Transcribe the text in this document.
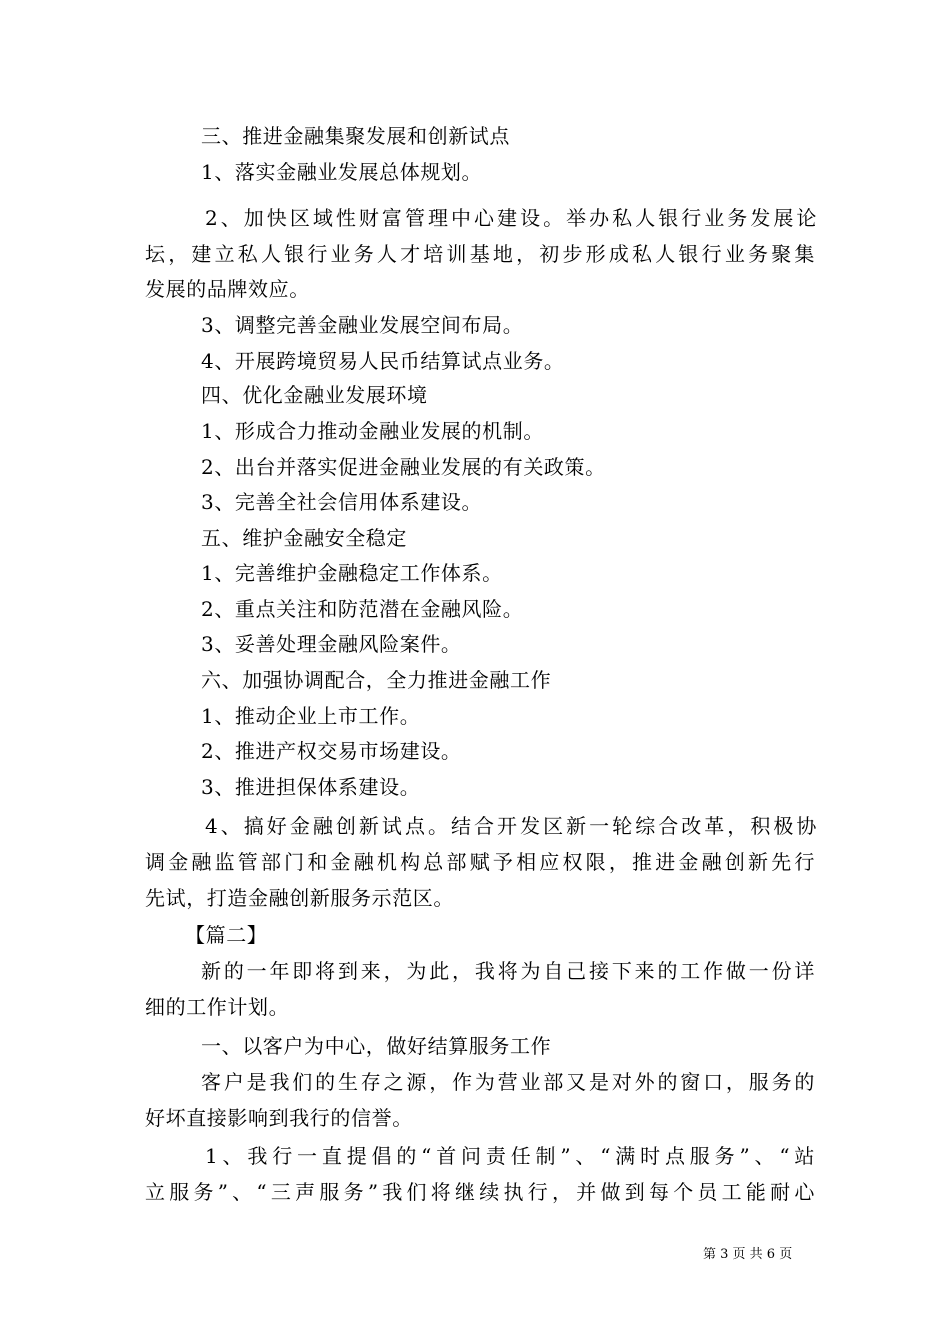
三、推进金融集聚发展和创新试点
1、落实金融业发展总体规划。
2、加快区域性财富管理中心建设。举办私人银行业务发展论
坛，建立私人银行业务人才培训基地，初步形成私人银行业务聚集
发展的品牌效应。
3、调整完善金融业发展空间布局。
4、开展跨境贸易人民币结算试点业务。
四、优化金融业发展环境
1、形成合力推动金融业发展的机制。
2、出台并落实促进金融业发展的有关政策。
3、完善全社会信用体系建设。
五、维护金融安全稳定
1、完善维护金融稳定工作体系。
2、重点关注和防范潜在金融风险。
3、妥善处理金融风险案件。
六、加强协调配合，全力推进金融工作
1、推动企业上市工作。
2、推进产权交易市场建设。
3、推进担保体系建设。
4、搞好金融创新试点。结合开发区新一轮综合改革，积极协
调金融监管部门和金融机构总部赋予相应权限，推进金融创新先行
先试，打造金融创新服务示范区。
【篇二】
新的一年即将到来，为此，我将为自己接下来的工作做一份详
细的工作计划。
一、以客户为中心，做好结算服务工作
客户是我们的生存之源，作为营业部又是对外的窗口，服务的
好坏直接影响到我行的信誉。
1、我行一直提倡的“首问责任制”、“满时点服务”、“站
立服务”、“三声服务”我们将继续执行，并做到每个员工能耐心
第 3 页 共 6 页
